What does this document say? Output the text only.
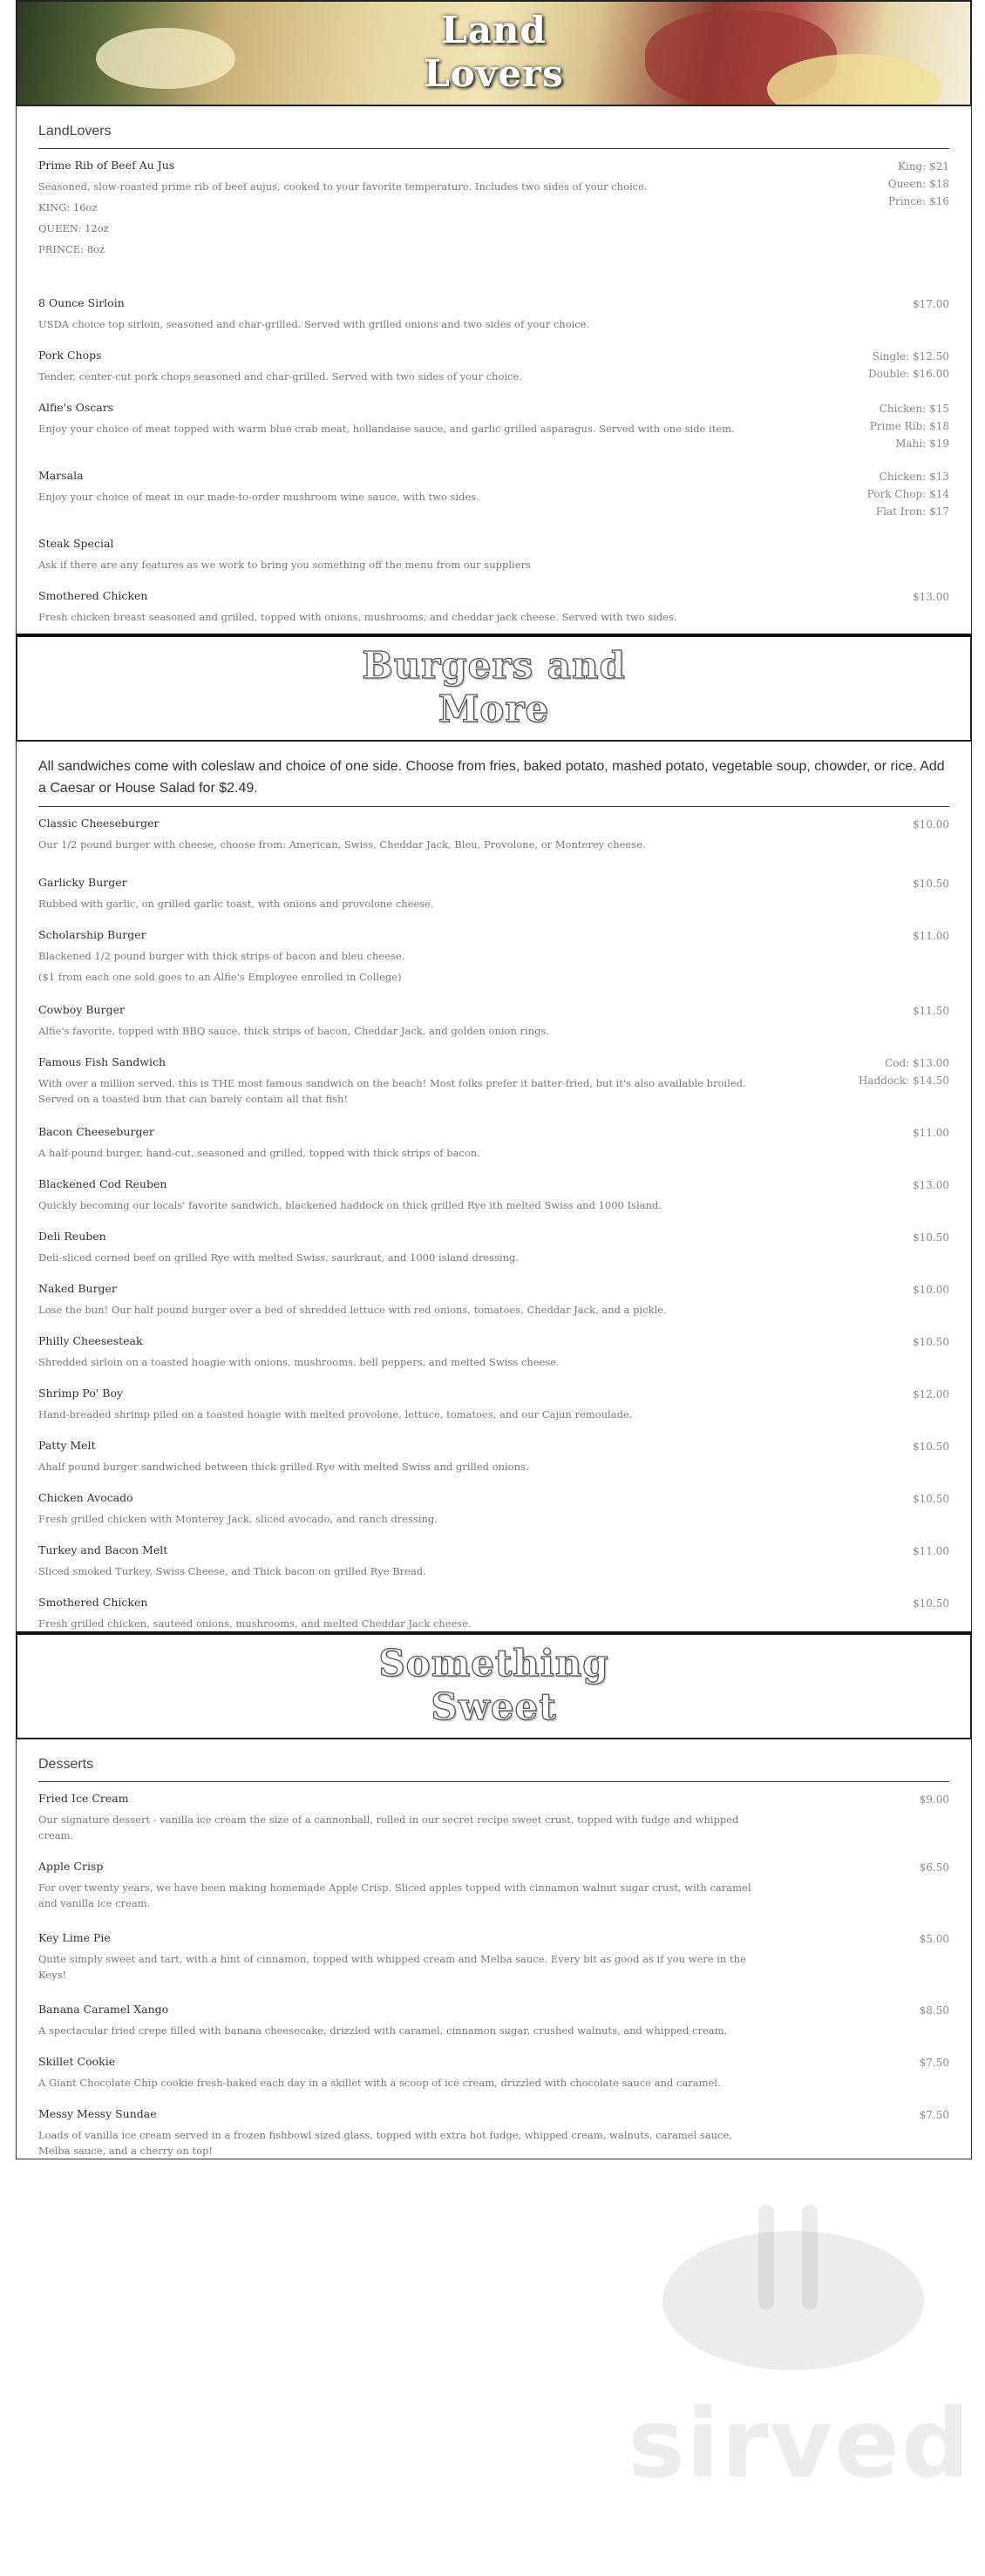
Land
Lovers
LandLovers
Prime Rib of Beef Au Jus
Seasoned, slow-roasted prime rib of beef aujus, cooked to your favorite temperature. Includes two sides of your choice.
KING: 16oz
QUEEN: 12oz
PRINCE: 8oz
King: $21
Queen: $18
Prince: $16
8 Ounce Sirloin
USDA choice top sirloin, seasoned and char-grilled. Served with grilled onions and two sides of your choice.
$17.00
Pork Chops
Tender, center-cut pork chops seasoned and char-grilled. Served with two sides of your choice.
Single: $12.50
Double: $16.00
Alfie's Oscars
Enjoy your choice of meat topped with warm blue crab meat, hollandaise sauce, and garlic grilled asparagus. Served with one side item.
Chicken: $15
Prime Rib: $18
Mahi: $19
Marsala
Enjoy your choice of meat in our made-to-order mushroom wine sauce, with two sides.
Chicken: $13
Pork Chop: $14
Flat Iron: $17
Steak Special
Ask if there are any features as we work to bring you something off the menu from our suppliers
Smothered Chicken
Fresh chicken breast seasoned and grilled, topped with onions, mushrooms, and cheddar jack cheese. Served with two sides.
$13.00
Burgers and
More
All sandwiches come with coleslaw and choice of one side. Choose from fries, baked potato, mashed potato, vegetable soup, chowder, or rice. Add a Caesar or House Salad for $2.49.
Classic Cheeseburger
Our 1/2 pound burger with cheese, choose from: American, Swiss, Cheddar Jack, Bleu, Provolone, or Monterey cheese.
$10.00
Garlicky Burger
Rubbed with garlic, on grilled garlic toast, with onions and provolone cheese.
$10.50
Scholarship Burger
Blackened 1/2 pound burger with thick strips of bacon and bleu cheese.
($1 from each one sold goes to an Alfie's Employee enrolled in College)
$11.00
Cowboy Burger
Alfie's favorite, topped with BBQ sauce, thick strips of bacon, Cheddar Jack, and golden onion rings.
$11.50
Famous Fish Sandwich
With over a million served, this is THE most famous sandwich on the beach! Most folks prefer it batter-fried, but it's also available broiled. Served on a toasted bun that can barely contain all that fish!
Cod: $13.00
Haddock: $14.50
Bacon Cheeseburger
A half-pound burger, hand-cut, seasoned and grilled, topped with thick strips of bacon.
$11.00
Blackened Cod Reuben
Quickly becoming our locals' favorite sandwich, blackened haddock on thick grilled Rye ith melted Swiss and 1000 Island.
$13.00
Deli Reuben
Deli-sliced corned beef on grilled Rye with melted Swiss, saurkraut, and 1000 island dressing.
$10.50
Naked Burger
Lose the bun! Our half pound burger over a bed of shredded lettuce with red onions, tomatoes, Cheddar Jack, and a pickle.
$10.00
Philly Cheesesteak
Shredded sirloin on a toasted hoagie with onions, mushrooms, bell peppers, and melted Swiss cheese.
$10.50
Shrimp Po' Boy
Hand-breaded shrimp piled on a toasted hoagie with melted provolone, lettuce, tomatoes, and our Cajun remoulade.
$12.00
Patty Melt
Ahalf pound burger sandwiched between thick grilled Rye with melted Swiss and grilled onions.
$10.50
Chicken Avocado
Fresh grilled chicken with Monterey Jack, sliced avocado, and ranch dressing.
$10.50
Turkey and Bacon Melt
Sliced smoked Turkey, Swiss Cheese, and Thick bacon on grilled Rye Bread.
$11.00
Smothered Chicken
Fresh grilled chicken, sauteed onions, mushrooms, and melted Cheddar Jack cheese.
$10.50
Something
Sweet
Desserts
Fried Ice Cream
Our signature dessert - vanilla ice cream the size of a cannonball, rolled in our secret recipe sweet crust, topped with fudge and whipped cream.
$9.00
Apple Crisp
For over twenty years, we have been making homemade Apple Crisp. Sliced apples topped with cinnamon walnut sugar crust, with caramel and vanilla ice cream.
$6.50
Key Lime Pie
Quite simply sweet and tart, with a hint of cinnamon, topped with whipped cream and Melba sauce. Every bit as good as if you were in the Keys!
$5.00
Banana Caramel Xango
A spectacular fried crepe filled with banana cheesecake, drizzled with caramel, cinnamon sugar, crushed walnuts, and whipped cream.
$8.50
Skillet Cookie
A Giant Chocolate Chip cookie fresh-baked each day in a skillet with a scoop of ice cream, drizzled with chocolate sauce and caramel.
$7.50
Messy Messy Sundae
Loads of vanilla ice cream served in a frozen fishbowl sized glass, topped with extra hot fudge, whipped cream, walnuts, caramel sauce, Melba sauce, and a cherry on top!
$7.50
sirved
